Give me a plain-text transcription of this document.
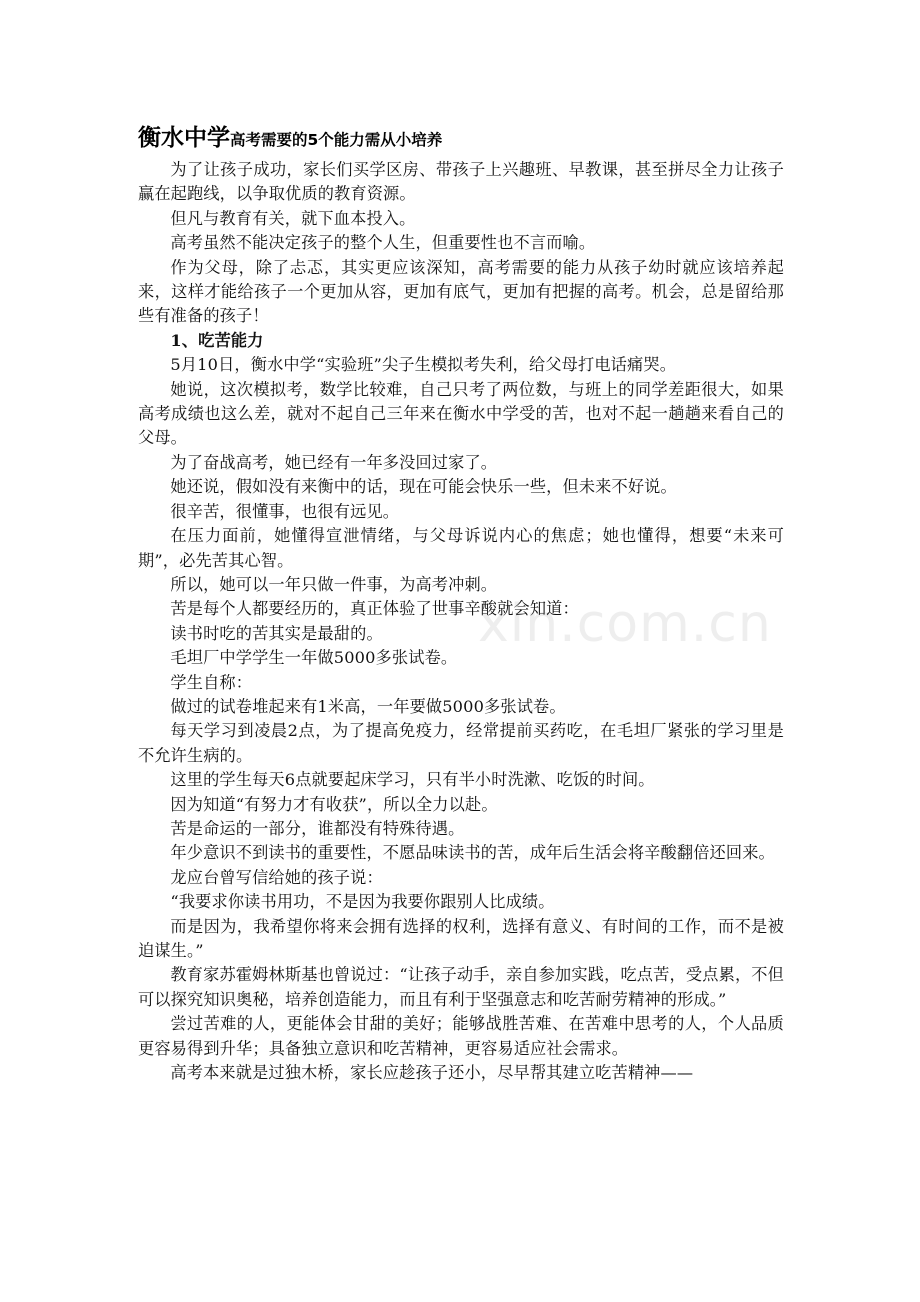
衡水中学高考需要的5个能力需从小培养

为了让孩子成功，家长们买学区房、带孩子上兴趣班、早教课，甚至拼尽全力让孩子赢在起跑线，以争取优质的教育资源。

但凡与教育有关，就下血本投入。

高考虽然不能决定孩子的整个人生，但重要性也不言而喻。

作为父母，除了忐忑，其实更应该深知，高考需要的能力从孩子幼时就应该培养起来，这样才能给孩子一个更加从容，更加有底气，更加有把握的高考。机会，总是留给那些有准备的孩子！

1、吃苦能力

5月10日，衡水中学“实验班”尖子生模拟考失利，给父母打电话痛哭。

她说，这次模拟考，数学比较难，自己只考了两位数，与班上的同学差距很大，如果高考成绩也这么差，就对不起自己三年来在衡水中学受的苦，也对不起一趟趟来看自己的父母。

为了奋战高考，她已经有一年多没回过家了。

她还说，假如没有来衡中的话，现在可能会快乐一些，但未来不好说。

很辛苦，很懂事，也很有远见。

在压力面前，她懂得宣泄情绪，与父母诉说内心的焦虑；她也懂得，想要“未来可期”，必先苦其心智。

所以，她可以一年只做一件事，为高考冲刺。

苦是每个人都要经历的，真正体验了世事辛酸就会知道：

读书时吃的苦其实是最甜的。

毛坦厂中学学生一年做5000多张试卷。

学生自称：

做过的试卷堆起来有1米高，一年要做5000多张试卷。

每天学习到凌晨2点，为了提高免疫力，经常提前买药吃，在毛坦厂紧张的学习里是不允许生病的。

这里的学生每天6点就要起床学习，只有半小时洗漱、吃饭的时间。

因为知道“有努力才有收获”，所以全力以赴。

苦是命运的一部分，谁都没有特殊待遇。

年少意识不到读书的重要性，不愿品味读书的苦，成年后生活会将辛酸翻倍还回来。

龙应台曾写信给她的孩子说：

“我要求你读书用功，不是因为我要你跟别人比成绩。

而是因为，我希望你将来会拥有选择的权利，选择有意义、有时间的工作，而不是被迫谋生。”

教育家苏霍姆林斯基也曾说过：“让孩子动手，亲自参加实践，吃点苦，受点累，不但可以探究知识奥秘，培养创造能力，而且有利于坚强意志和吃苦耐劳精神的形成。”

尝过苦难的人，更能体会甘甜的美好；能够战胜苦难、在苦难中思考的人，个人品质更容易得到升华；具备独立意识和吃苦精神，更容易适应社会需求。

高考本来就是过独木桥，家长应趁孩子还小，尽早帮其建立吃苦精神——

xin.com.cn
